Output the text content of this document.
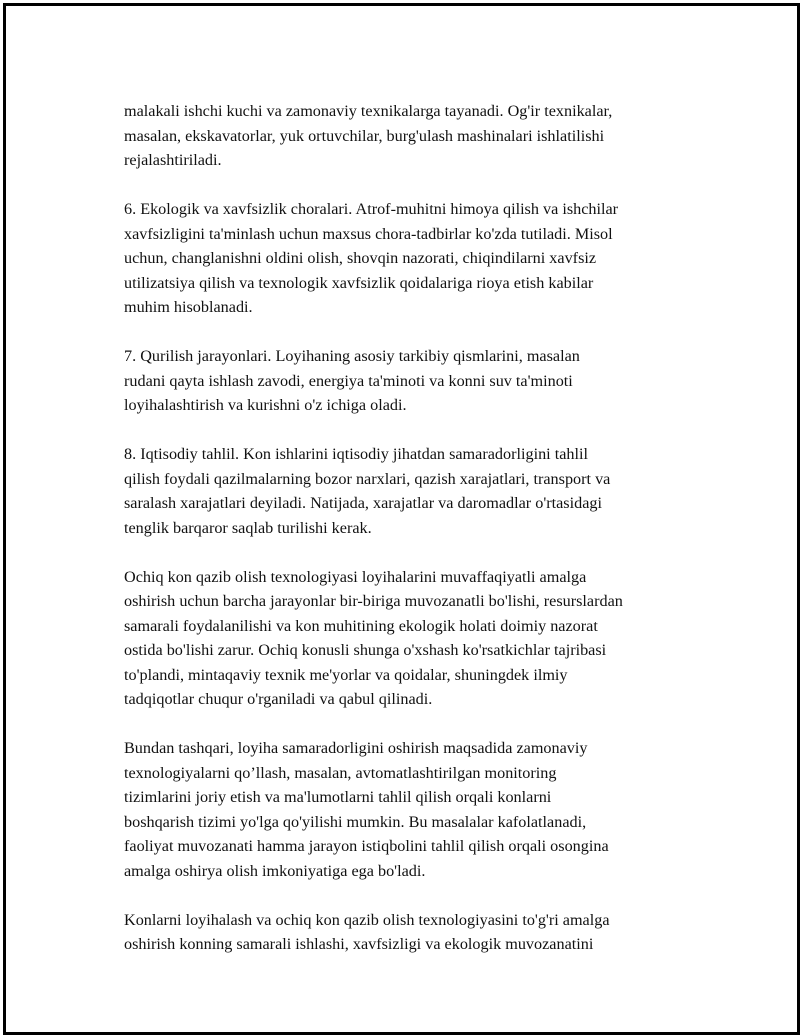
malakali ishchi kuchi va zamonaviy texnikalarga tayanadi. Og'ir texnikalar,
masalan, ekskavatorlar, yuk ortuvchilar, burg'ulash mashinalari ishlatilishi
rejalashtiriladi.

6. Ekologik va xavfsizlik choralari. Atrof-muhitni himoya qilish va ishchilar
xavfsizligini ta'minlash uchun maxsus chora-tadbirlar ko'zda tutiladi. Misol
uchun, changlanishni oldini olish, shovqin nazorati, chiqindilarni xavfsiz
utilizatsiya qilish va texnologik xavfsizlik qoidalariga rioya etish kabilar
muhim hisoblanadi.

7. Qurilish jarayonlari. Loyihaning asosiy tarkibiy qismlarini, masalan
rudani qayta ishlash zavodi, energiya ta'minoti va konni suv ta'minoti
loyihalashtirish va kurishni o'z ichiga oladi.

8. Iqtisodiy tahlil. Kon ishlarini iqtisodiy jihatdan samaradorligini tahlil
qilish foydali qazilmalarning bozor narxlari, qazish xarajatlari, transport va
saralash xarajatlari deyiladi. Natijada, xarajatlar va daromadlar o'rtasidagi
tenglik barqaror saqlab turilishi kerak.

Ochiq kon qazib olish texnologiyasi loyihalarini muvaffaqiyatli amalga
oshirish uchun barcha jarayonlar bir-biriga muvozanatli bo'lishi, resurslardan
samarali foydalanilishi va kon muhitining ekologik holati doimiy nazorat
ostida bo'lishi zarur. Ochiq konusli shunga o'xshash ko'rsatkichlar tajribasi
to'plandi, mintaqaviy texnik me'yorlar va qoidalar, shuningdek ilmiy
tadqiqotlar chuqur o'rganiladi va qabul qilinadi.

Bundan tashqari, loyiha samaradorligini oshirish maqsadida zamonaviy
texnologiyalarni qo’llash, masalan, avtomatlashtirilgan monitoring
tizimlarini joriy etish va ma'lumotlarni tahlil qilish orqali konlarni
boshqarish tizimi yo'lga qo'yilishi mumkin. Bu masalalar kafolatlanadi,
faoliyat muvozanati hamma jarayon istiqbolini tahlil qilish orqali osongina
amalga oshirya olish imkoniyatiga ega bo'ladi.

Konlarni loyihalash va ochiq kon qazib olish texnologiyasini to'g'ri amalga
oshirish konning samarali ishlashi, xavfsizligi va ekologik muvozanatini
